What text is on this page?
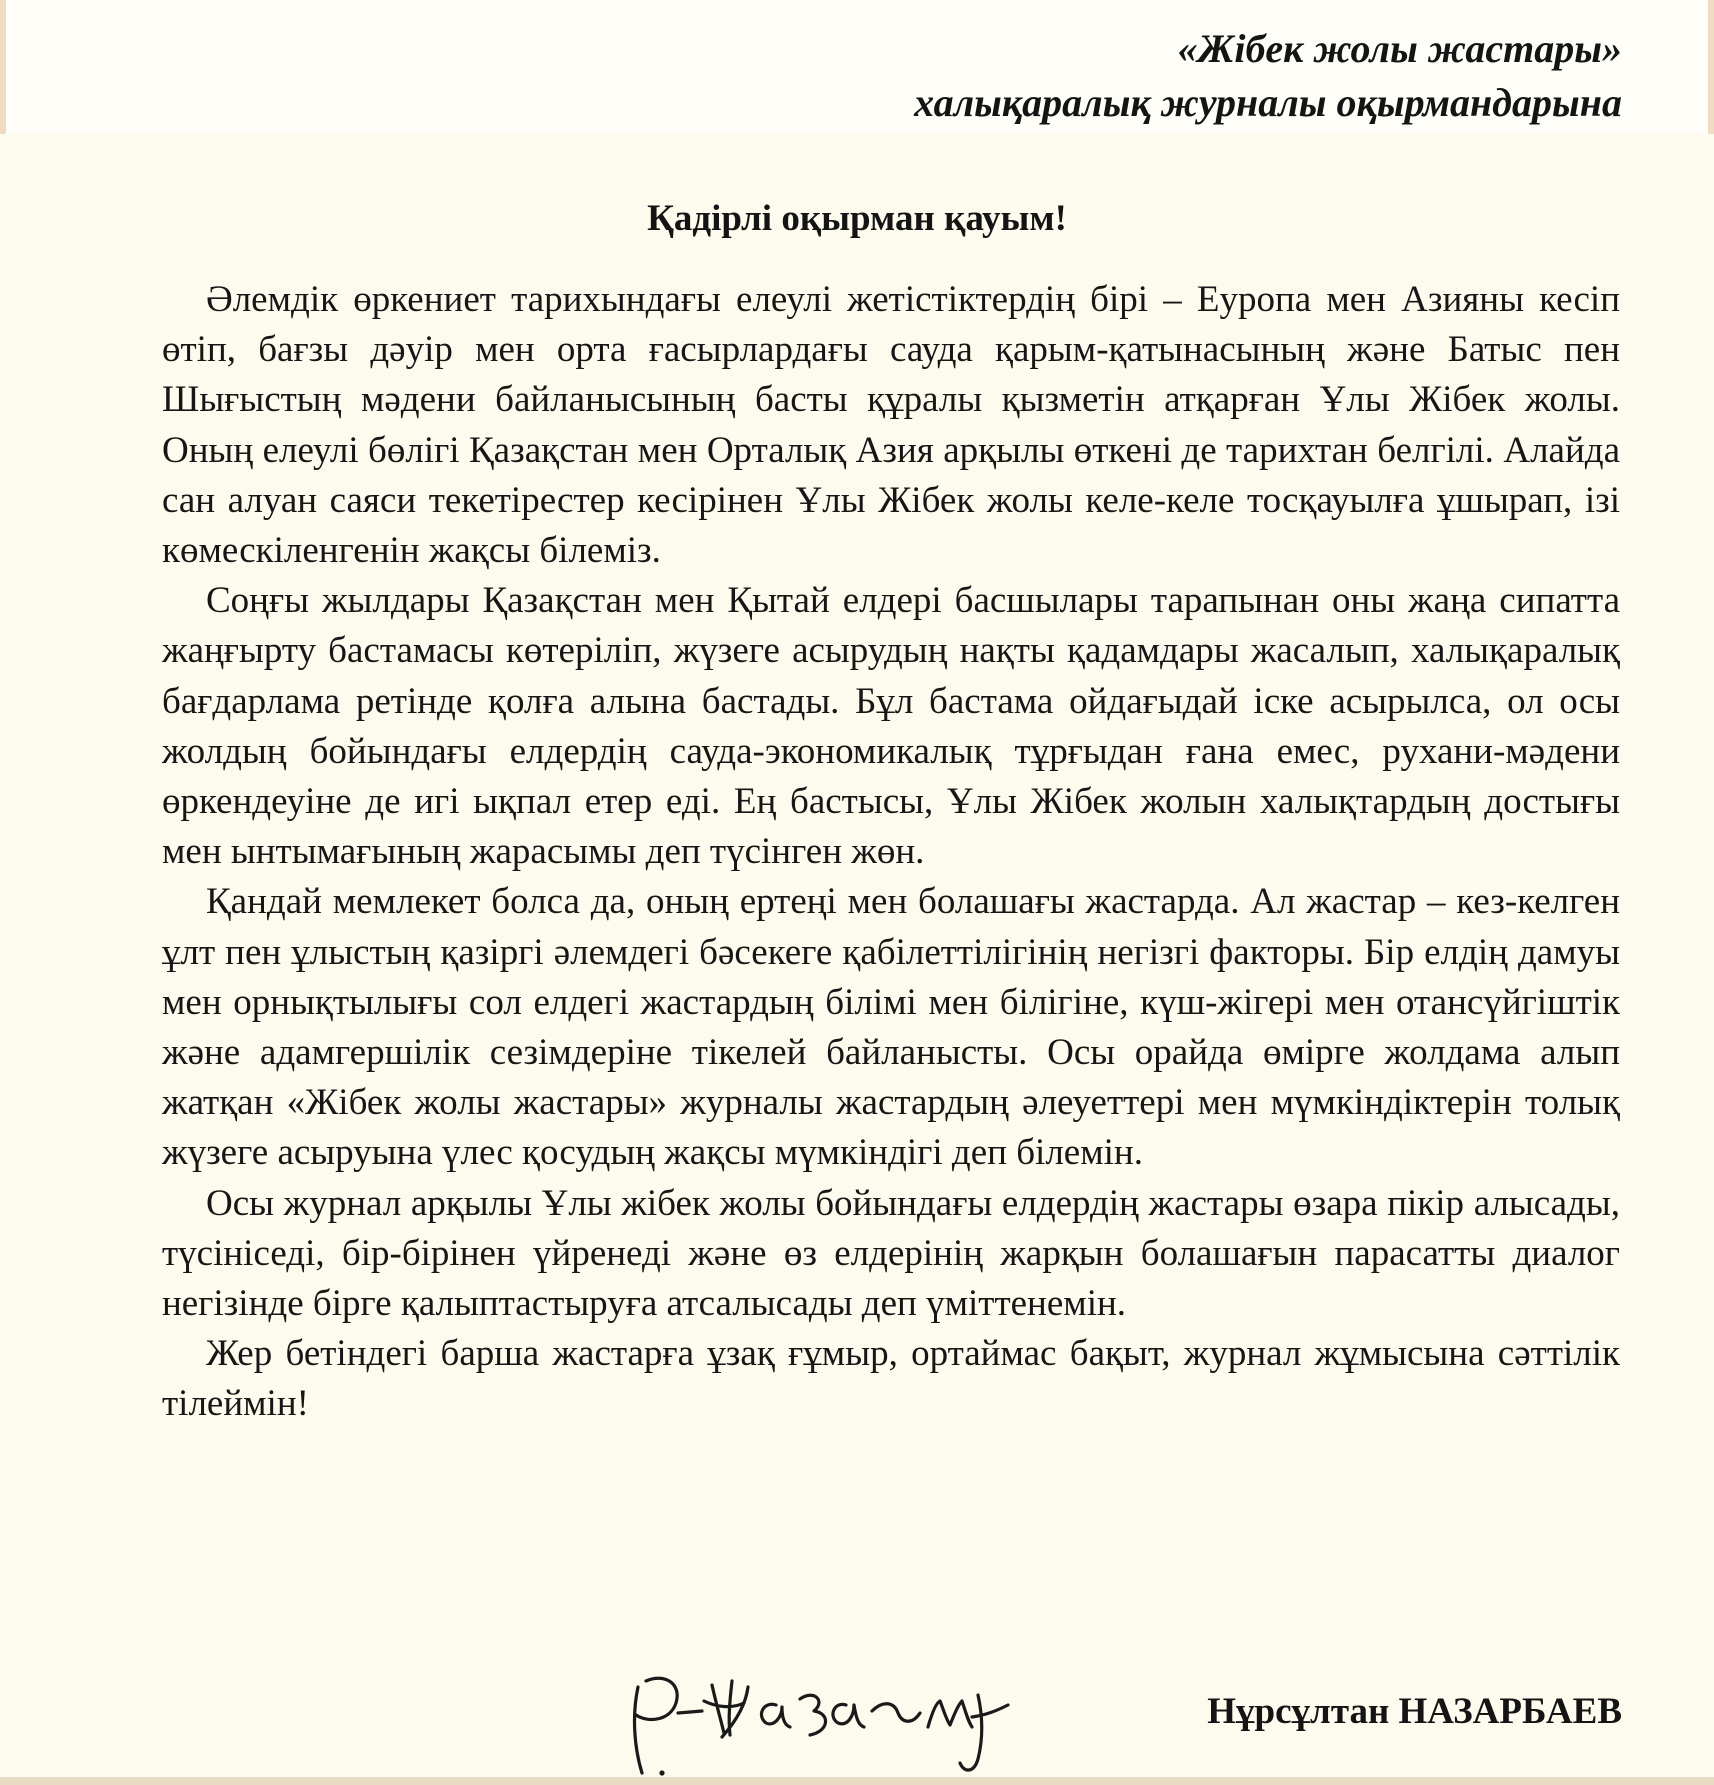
«Жібек жолы жастары»
халықаралық журналы оқырмандарына
Қадірлі оқырман қауым!

Әлемдік өркениет тарихындағы елеулі жетістіктердің бірі – Еуропа мен Азияны кесіп өтіп, бағзы дәуір мен орта ғасырлардағы сауда қарым-қатынасының және Батыс пен Шығыстың мәдени байланысының басты құралы қызметін атқарған Ұлы Жібек жолы. Оның елеулі бөлігі Қазақстан мен Орталық Азия арқылы өткені де тарихтан белгілі. Алайда сан алуан саяси текетірестер кесірінен Ұлы Жібек жолы келе-келе тосқауылға ұшырап, ізі көмескіленгенін жақсы білеміз.

Соңғы жылдары Қазақстан мен Қытай елдері басшылары тарапынан оны жаңа сипатта жаңғырту бастамасы көтеріліп, жүзеге асырудың нақты қадамдары жасалып, халықаралық бағдарлама ретінде қолға алына бастады. Бұл бастама ойдағыдай іске асырылса, ол осы жолдың бойындағы елдердің сауда-экономикалық тұрғыдан ғана емес, рухани-мәдени өркендеуіне де игі ықпал етер еді. Ең бастысы, Ұлы Жібек жолын халықтардың достығы мен ынтымағының жарасымы деп түсінген жөн.

Қандай мемлекет болса да, оның ертеңі мен болашағы жастарда. Ал жастар – кез-келген ұлт пен ұлыстың қазіргі әлемдегі бәсекеге қабілеттілігінің негізгі факторы. Бір елдің дамуы мен орнықтылығы сол елдегі жастардың білімі мен білігіне, күш-жігері мен отансүйгіштік және адамгершілік сезімдеріне тікелей байланысты. Осы орайда өмірге жолдама алып жатқан «Жібек жолы жастары» журналы жастардың әлеуеттері мен мүмкіндіктерін толық жүзеге асыруына үлес қосудың жақсы мүмкіндігі деп білемін.

Осы журнал арқылы Ұлы жібек жолы бойындағы елдердің жастары өзара пікір алысады, түсініседі, бір-бірінен үйренеді және өз елдерінің жарқын болашағын парасатты диалог негізінде бірге қалыптастыруға атсалысады деп үміттенемін.

Жер бетіндегі барша жастарға ұзақ ғұмыр, ортаймас бақыт, журнал жұмысына сәттілік тілеймін!

Нұрсұлтан НАЗАРБАЕВ
